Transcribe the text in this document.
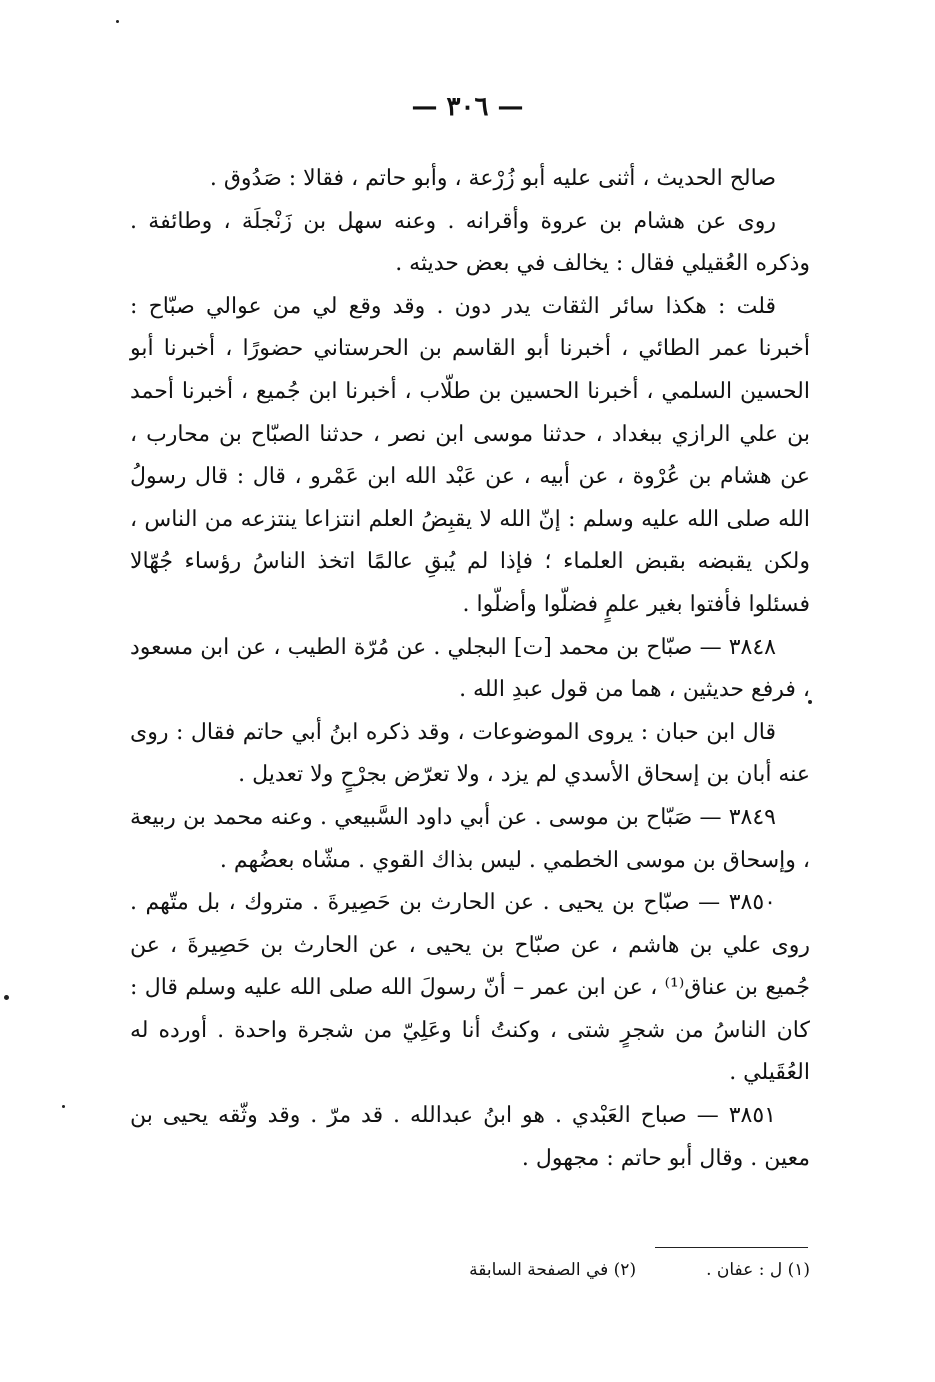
— ٣٠٦ —

صالح الحديث ، أثنى عليه أبو زُرْعة ، وأبو حاتم ، فقالا : صَدُوق .

روى عن هشام بن عروة وأقرانه . وعنه سهل بن زَنْجلَة ، وطائفة . وذكره العُقيلي فقال : يخالف في بعض حديثه .

قلت : هكذا سائر الثقات يدر دون . وقد وقع لي من عوالي صبّاح : أخبرنا عمر الطائي ، أخبرنا أبو القاسم بن الحرستاني حضورًا ، أخبرنا أبو الحسين السلمي ، أخبرنا الحسين بن طلّاب ، أخبرنا ابن جُميع ، أخبرنا أحمد بن علي الرازي ببغداد ، حدثنا موسى ابن نصر ، حدثنا الصبّاح بن محارب ، عن هشام بن عُرْوة ، عن أبيه ، عن عَبْد الله ابن عَمْرو ، قال : قال رسولُ الله صلى الله عليه وسلم : إنّ الله لا يقبِضُ العلم انتزاعا ينتزعه من الناس ، ولكن يقبضه بقبض العلماء ؛ فإذا لم يُبقِ عالمًا اتخذ الناسُ رؤساء جُهّالا فسئلوا فأفتوا بغير علمٍ فضلّوا وأضلّوا .

٣٨٤٨ — صبّاح بن محمد [ت] البجلي . عن مُرّة الطيب ، عن ابن مسعود ، فرفع حديثين ، هما من قول عبدِ الله .

قال ابن حبان : يروى الموضوعات ، وقد ذكره ابنُ أبي حاتم فقال : روى عنه أبان بن إسحاق الأسدي لم يزد ، ولا تعرّض بجرْحٍ ولا تعديل .

٣٨٤٩ — صَبّاح بن موسى . عن أبي داود السَّبيعي . وعنه محمد بن ربيعة ، وإسحاق بن موسى الخطمي . ليس بذاك القوي . مشّاه بعضُهم .

٣٨٥٠ — صبّاح بن يحيى . عن الحارث بن حَصِيرةَ . متروك ، بل متّهم . روى علي بن هاشم ، عن صبّاح بن يحيى ، عن الحارث بن حَصِيرةَ ، عن جُميع بن عناق⁽¹⁾ ، عن ابن عمر – أنّ رسولَ الله صلى الله عليه وسلم قال : كان الناسُ من شجرٍ شتى ، وكنتُ أنا وعَلِيّ من شجرة واحدة . أورده له العُقَيلي .

٣٨٥١ — صباح العَبْدي . هو ابنُ عبدالله . قد مرّ . وقد وثّقه يحيى بن معين . وقال أبو حاتم : مجهول .

(١) ل : عفان .
(٢) في الصفحة السابقة
